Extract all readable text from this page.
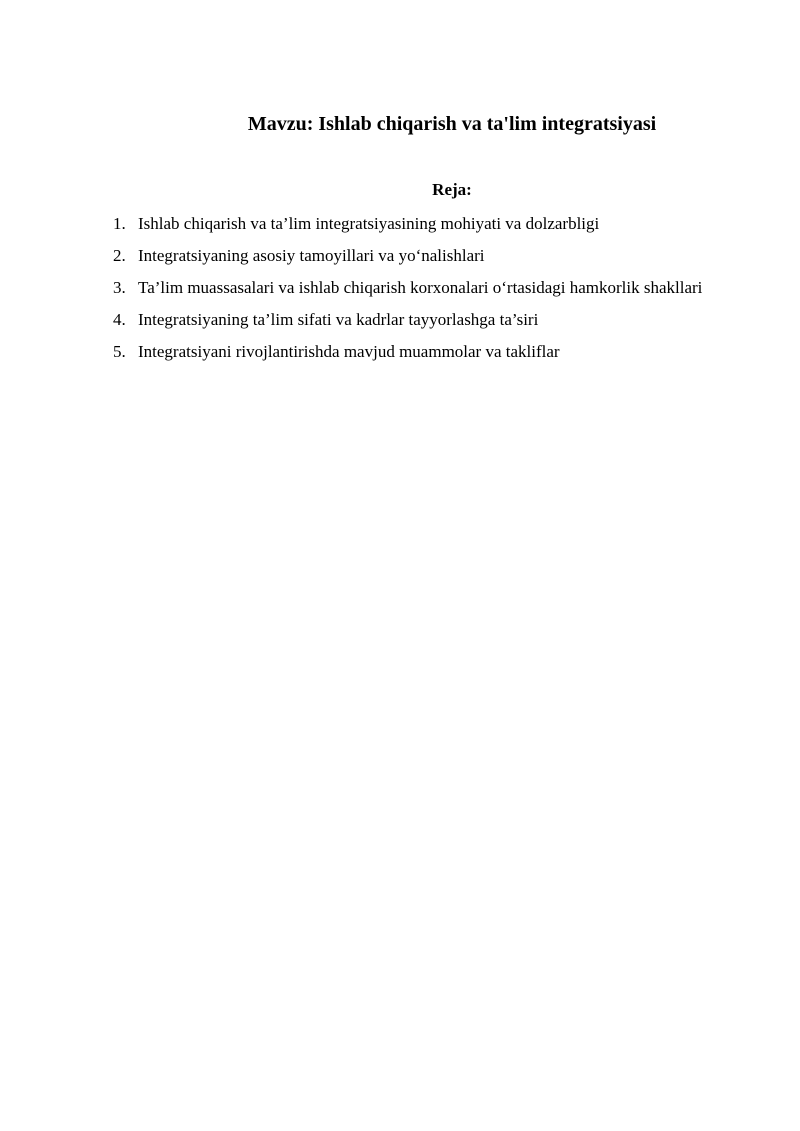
Mavzu: Ishlab chiqarish va ta'lim integratsiyasi
Reja:
1. Ishlab chiqarish va ta’lim integratsiyasining mohiyati va dolzarbligi
2. Integratsiyaning asosiy tamoyillari va yo‘nalishlari
3. Ta’lim muassasalari va ishlab chiqarish korxonalari o‘rtasidagi hamkorlik shakllari
4. Integratsiyaning ta’lim sifati va kadrlar tayyorlashga ta’siri
5. Integratsiyani rivojlantirishda mavjud muammolar va takliflar
